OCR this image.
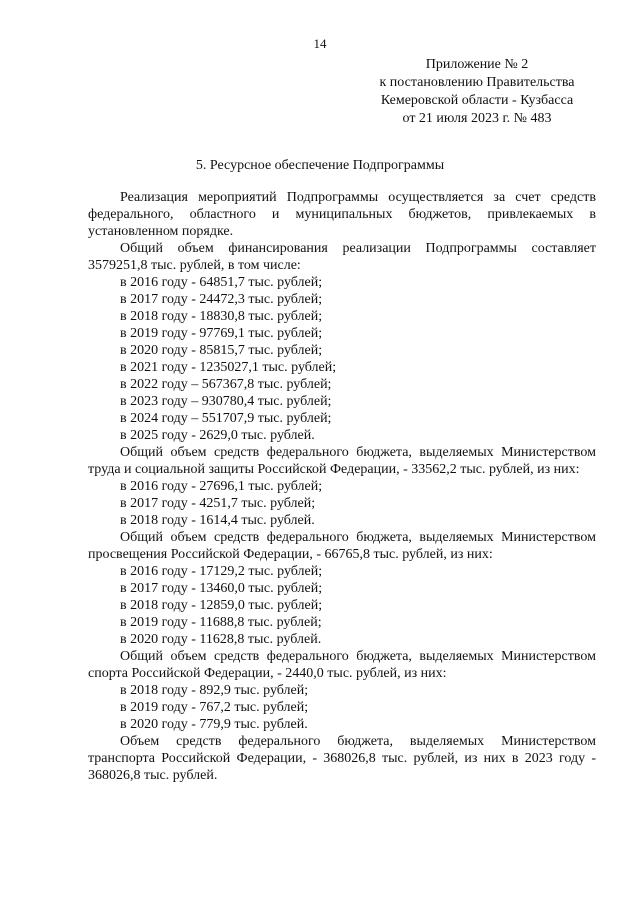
14
Приложение № 2
к постановлению Правительства
Кемеровской области - Кузбасса
от 21 июля 2023 г. № 483
5. Ресурсное обеспечение Подпрограммы

Реализация мероприятий Подпрограммы осуществляется за счет средств федерального, областного и муниципальных бюджетов, привлекаемых в установленном порядке.

Общий объем финансирования реализации Подпрограммы составляет 3579251,8 тыс. рублей, в том числе:

в 2016 году - 64851,7 тыс. рублей;
в 2017 году - 24472,3 тыс. рублей;
в 2018 году - 18830,8 тыс. рублей;
в 2019 году - 97769,1 тыс. рублей;
в 2020 году - 85815,7 тыс. рублей;
в 2021 году - 1235027,1 тыс. рублей;
в 2022 году – 567367,8 тыс. рублей;
в 2023 году – 930780,4 тыс. рублей;
в 2024 году – 551707,9 тыс. рублей;
в 2025 году - 2629,0 тыс. рублей.

Общий объем средств федерального бюджета, выделяемых Министерством труда и социальной защиты Российской Федерации, - 33562,2 тыс. рублей, из них:

в 2016 году - 27696,1 тыс. рублей;
в 2017 году - 4251,7 тыс. рублей;
в 2018 году - 1614,4 тыс. рублей.

Общий объем средств федерального бюджета, выделяемых Министерством просвещения Российской Федерации, - 66765,8 тыс. рублей, из них:

в 2016 году - 17129,2 тыс. рублей;
в 2017 году - 13460,0 тыс. рублей;
в 2018 году - 12859,0 тыс. рублей;
в 2019 году - 11688,8 тыс. рублей;
в 2020 году - 11628,8 тыс. рублей.

Общий объем средств федерального бюджета, выделяемых Министерством спорта Российской Федерации, - 2440,0 тыс. рублей, из них:

в 2018 году - 892,9 тыс. рублей;
в 2019 году - 767,2 тыс. рублей;
в 2020 году - 779,9 тыс. рублей.

Объем средств федерального бюджета, выделяемых Министерством транспорта Российской Федерации, - 368026,8 тыс. рублей, из них в 2023 году - 368026,8 тыс. рублей.
